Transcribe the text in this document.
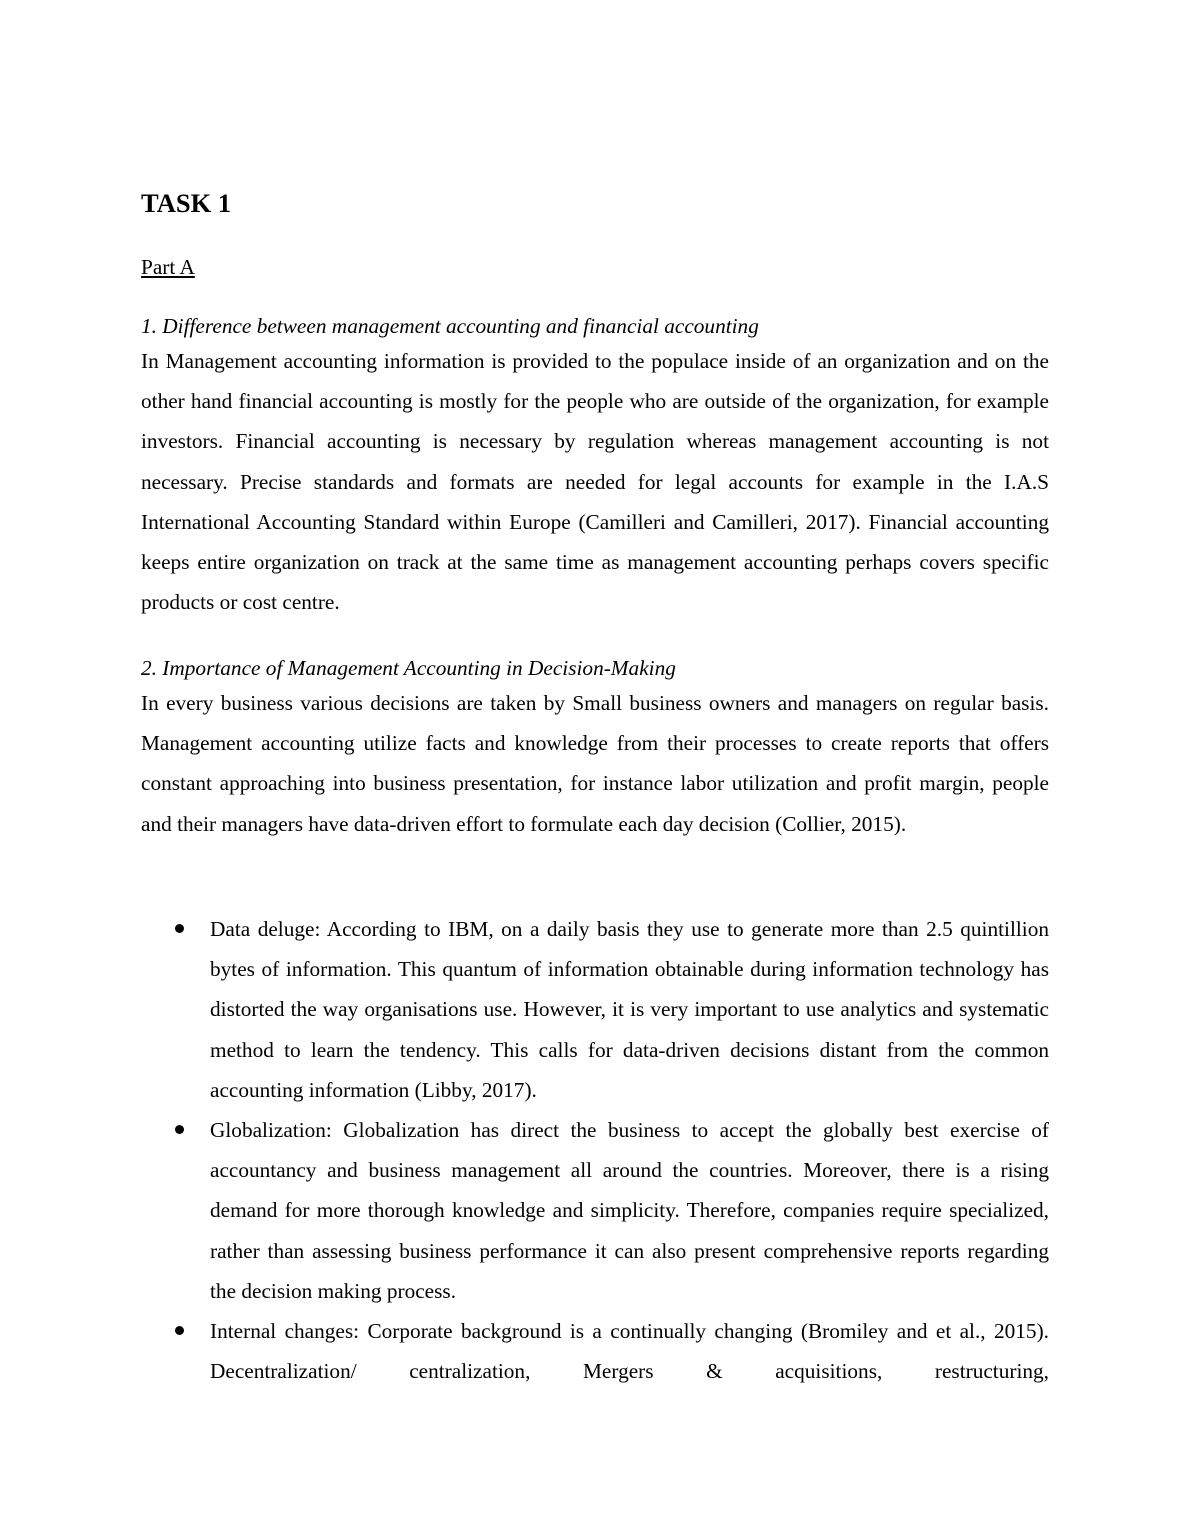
TASK 1

Part A

1. Difference between management accounting and financial accounting

In Management accounting information is provided to the populace inside of an organization and on the other hand financial accounting is mostly for the people who are outside of the organization, for example investors. Financial accounting is necessary by regulation whereas management accounting is not necessary. Precise standards and formats are needed for legal accounts for example in the I.A.S International Accounting Standard within Europe (Camilleri and Camilleri, 2017). Financial accounting keeps entire organization on track at the same time as management accounting perhaps covers specific products or cost centre.

2. Importance of Management Accounting in Decision-Making

In every business various decisions are taken by Small business owners and managers on regular basis. Management accounting utilize facts and knowledge from their processes to create reports that offers constant approaching into business presentation, for instance labor utilization and profit margin, people and their managers have data-driven effort to formulate each day decision (Collier, 2015).

Data deluge: According to IBM, on a daily basis they use to generate more than 2.5 quintillion bytes of information. This quantum of information obtainable during information technology has distorted the way organisations use. However, it is very important to use analytics and systematic method to learn the tendency. This calls for data-driven decisions distant from the common accounting information (Libby, 2017).
Globalization: Globalization has direct the business to accept the globally best exercise of accountancy and business management all around the countries. Moreover, there is a rising demand for more thorough knowledge and simplicity. Therefore, companies require specialized, rather than assessing business performance it can also present comprehensive reports regarding the decision making process.
Internal changes: Corporate background is a continually changing (Bromiley and et al., 2015). Decentralization/ centralization, Mergers & acquisitions, restructuring,
